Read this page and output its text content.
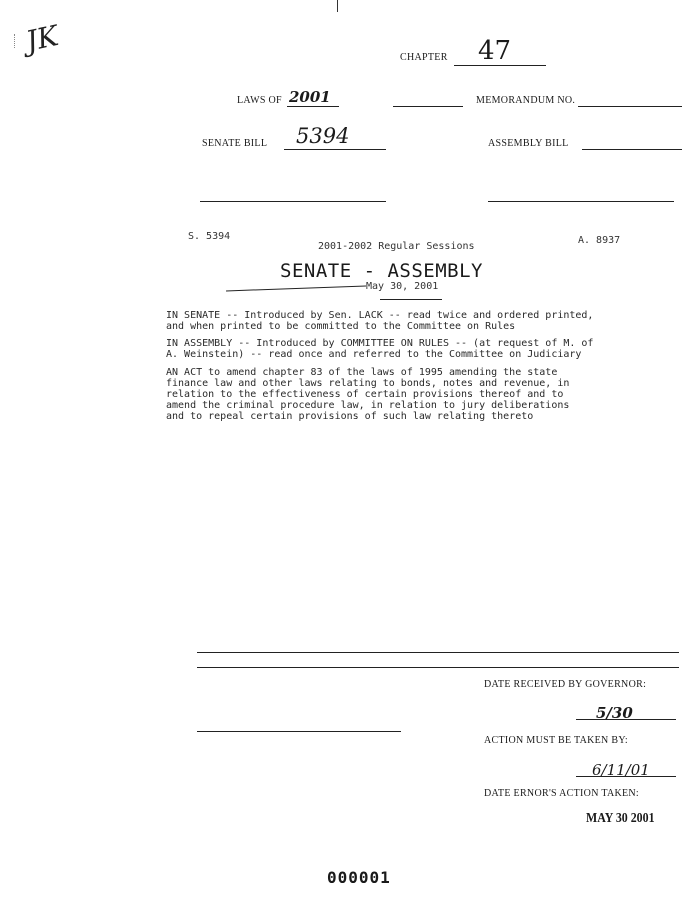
JK	CHAPTER 47
LAWS OF 2001	MEMORANDUM NO.
SENATE BILL 5394	ASSEMBLY BILL
S. 5394	A. 8937
2001-2002 Regular Sessions
SENATE - ASSEMBLY
May 30, 2001
IN SENATE -- Introduced by Sen. LACK -- read twice and ordered printed,
and when printed to be committed to the Committee on Rules
IN ASSEMBLY -- Introduced by COMMITTEE ON RULES -- (at request of M. of
A. Weinstein) -- read once and referred to the Committee on Judiciary
AN ACT to amend chapter 83 of the laws of 1995 amending the state
finance law and other laws relating to bonds, notes and revenue, in
relation to the effectiveness of certain provisions thereof and to
amend the criminal procedure law, in relation to jury deliberations
and to repeal certain provisions of such law relating thereto
DATE RECEIVED BY GOVERNOR:
5/30
ACTION MUST BE TAKEN BY:
6/11/01
DATE ERNOR'S ACTION TAKEN:
MAY 30 2001
000001
